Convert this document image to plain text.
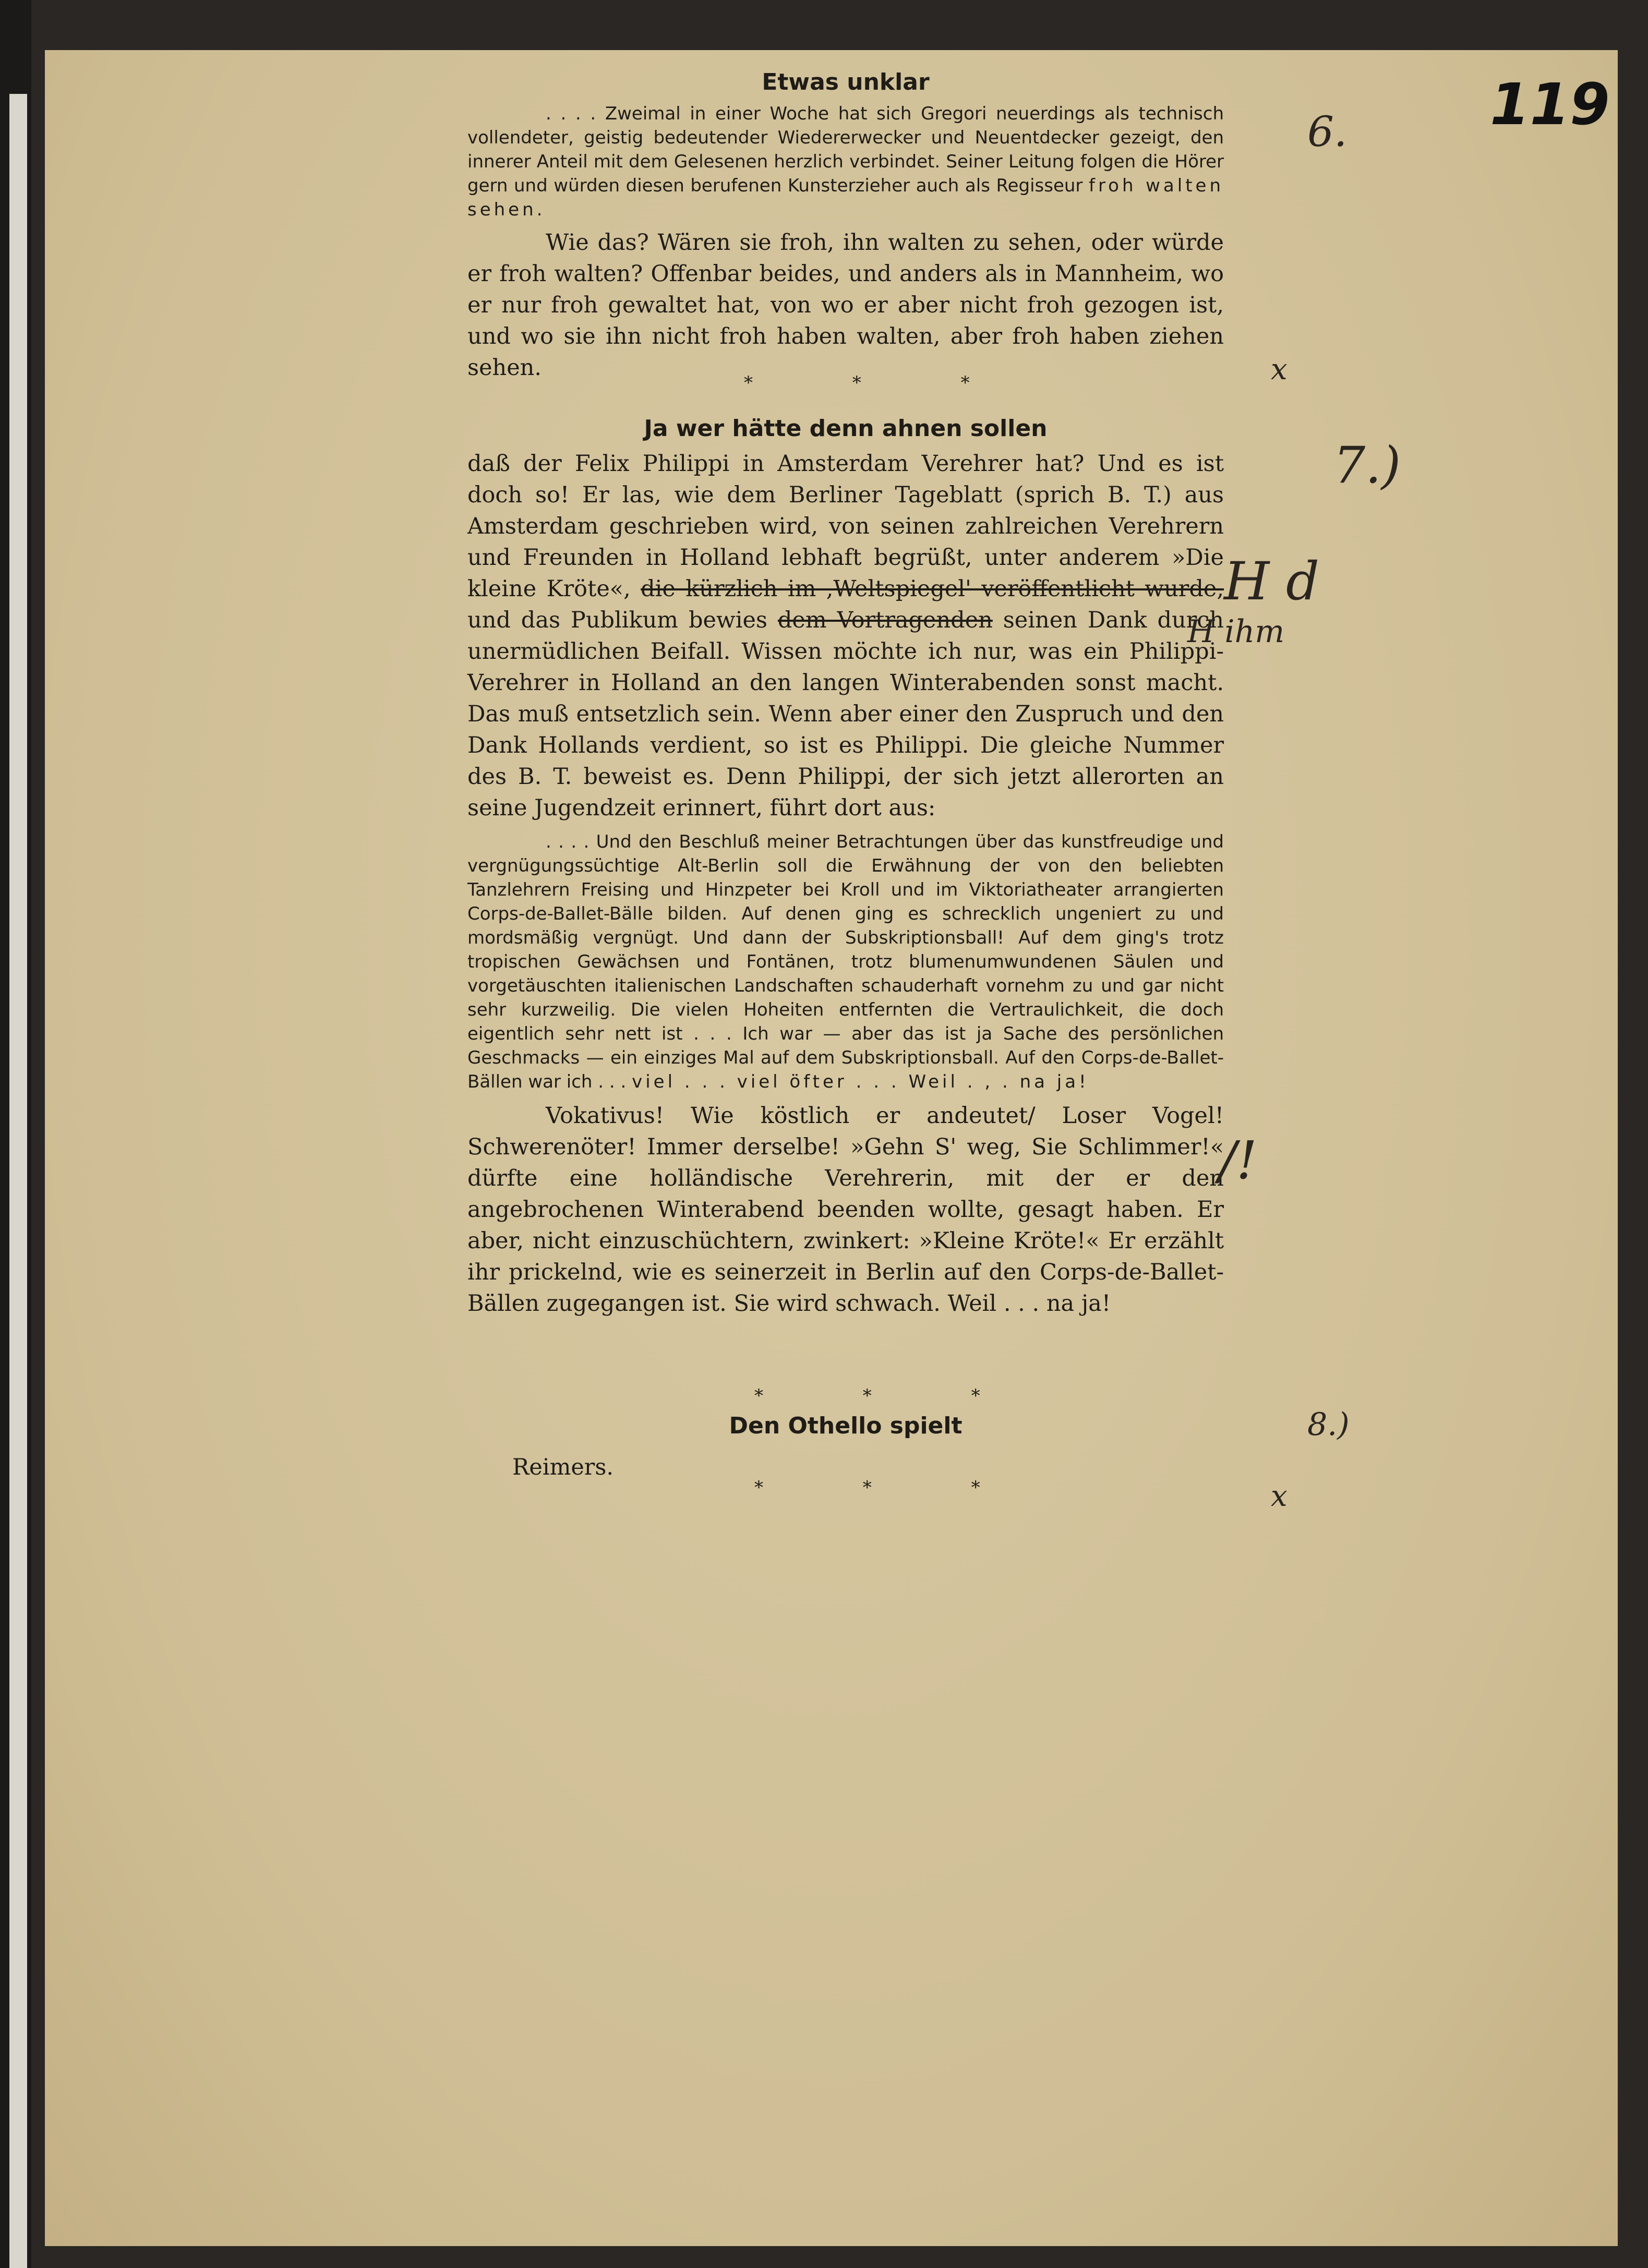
119
Etwas unklar

. . . . Zweimal in einer Woche hat sich Gregori neuerdings als technisch vollendeter, geistig bedeutender Wiedererwecker und Neuentdecker gezeigt, den innerer Anteil mit dem Gelesenen herzlich verbindet. Seiner Leitung folgen die Hörer gern und würden diesen berufenen Kunsterzieher auch als Regisseur froh walten sehen.

Wie das? Wären sie froh, ihn walten zu sehen, oder würde er froh walten? Offenbar beides, und anders als in Mannheim, wo er nur froh gewaltet hat, von wo er aber nicht froh gezogen ist, und wo sie ihn nicht froh haben walten, aber froh haben ziehen sehen.

* * *
Ja wer hätte denn ahnen sollen

daß der Felix Philippi in Amsterdam Verehrer hat? Und es ist doch so! Er las, wie dem Berliner Tageblatt (sprich B. T.) aus Amsterdam geschrieben wird, von seinen zahlreichen Verehrern und Freunden in Holland lebhaft begrüßt, unter anderem »Die kleine Kröte«, die kürzlich im ,Weltspiegel' veröffentlicht wurde, und das Publikum bewies dem Vortragenden seinen Dank durch unermüdlichen Beifall. Wissen möchte ich nur, was ein Philippi-Verehrer in Holland an den langen Winterabenden sonst macht. Das muß entsetzlich sein. Wenn aber einer den Zuspruch und den Dank Hollands verdient, so ist es Philippi. Die gleiche Nummer des B. T. beweist es. Denn Philippi, der sich jetzt allerorten an seine Jugendzeit erinnert, führt dort aus:

. . . . Und den Beschluß meiner Betrachtungen über das kunstfreudige und vergnügungssüchtige Alt-Berlin soll die Erwähnung der von den beliebten Tanzlehrern Freising und Hinzpeter bei Kroll und im Viktoriatheater arrangierten Corps-de-Ballet-Bälle bilden. Auf denen ging es schrecklich ungeniert zu und mordsmäßig vergnügt. Und dann der Subskriptionsball! Auf dem ging's trotz tropischen Gewächsen und Fontänen, trotz blumenumwundenen Säulen und vorgetäuschten italienischen Landschaften schauderhaft vornehm zu und gar nicht sehr kurzweilig. Die vielen Hoheiten entfernten die Vertraulichkeit, die doch eigentlich sehr nett ist . . . Ich war — aber das ist ja Sache des persönlichen Geschmacks — ein einziges Mal auf dem Subskriptionsball. Auf den Corps-de-Ballet-Bällen war ich . . . viel . . . viel öfter . . . Weil . , . na ja!

Vokativus! Wie köstlich er andeutet/ Loser Vogel! Schwerenöter! Immer derselbe! »Gehn S' weg, Sie Schlimmer!« dürfte eine holländische Verehrerin, mit der er den angebrochenen Winterabend beenden wollte, gesagt haben. Er aber, nicht einzuschüchtern, zwinkert: »Kleine Kröte!« Er erzählt ihr prickelnd, wie es seinerzeit in Berlin auf den Corps-de-Ballet-Bällen zugegangen ist. Sie wird schwach. Weil . . . na ja!

* * *
Den Othello spielt
Reimers.
* * *
6.
x
7.)
H d
H ihm
/!
8.)
x
